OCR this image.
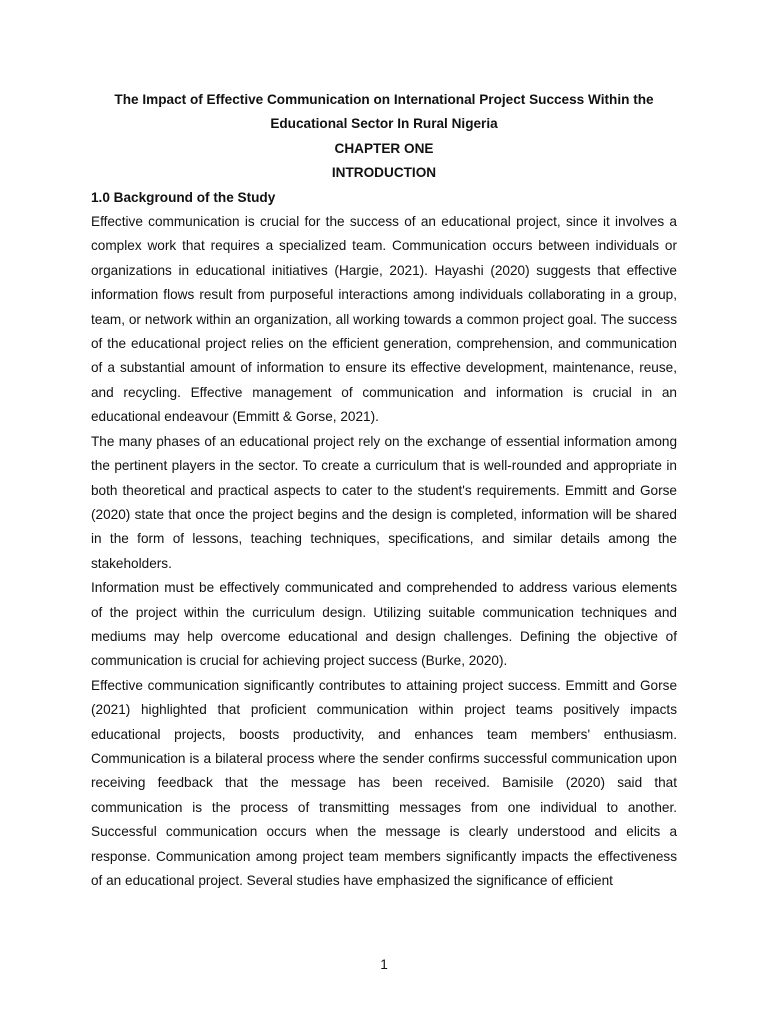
The Impact of Effective Communication on International Project Success Within the
Educational Sector In Rural Nigeria

CHAPTER ONE

INTRODUCTION

1.0 Background of the Study

Effective communication is crucial for the success of an educational project, since it involves a complex work that requires a specialized team. Communication occurs between individuals or organizations in educational initiatives (Hargie, 2021). Hayashi (2020) suggests that effective information flows result from purposeful interactions among individuals collaborating in a group, team, or network within an organization, all working towards a common project goal. The success of the educational project relies on the efficient generation, comprehension, and communication of a substantial amount of information to ensure its effective development, maintenance, reuse, and recycling. Effective management of communication and information is crucial in an educational endeavour (Emmitt & Gorse, 2021).

The many phases of an educational project rely on the exchange of essential information among the pertinent players in the sector. To create a curriculum that is well-rounded and appropriate in both theoretical and practical aspects to cater to the student's requirements. Emmitt and Gorse (2020) state that once the project begins and the design is completed, information will be shared in the form of lessons, teaching techniques, specifications, and similar details among the stakeholders.

Information must be effectively communicated and comprehended to address various elements of the project within the curriculum design. Utilizing suitable communication techniques and mediums may help overcome educational and design challenges. Defining the objective of communication is crucial for achieving project success (Burke, 2020).

Effective communication significantly contributes to attaining project success. Emmitt and Gorse (2021) highlighted that proficient communication within project teams positively impacts educational projects, boosts productivity, and enhances team members' enthusiasm. Communication is a bilateral process where the sender confirms successful communication upon receiving feedback that the message has been received. Bamisile (2020) said that communication is the process of transmitting messages from one individual to another. Successful communication occurs when the message is clearly understood and elicits a response. Communication among project team members significantly impacts the effectiveness of an educational project. Several studies have emphasized the significance of efficient

1
